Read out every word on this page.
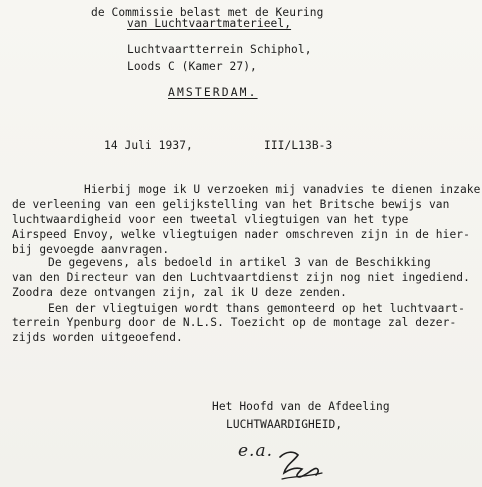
de Commissie belast met de Keuring
van Luchtvaartmaterieel,
Luchtvaartterrein Schiphol,
Loods C (Kamer 27),
AMSTERDAM.
14 Juli 1937,	III/L13B-3
Hierbij moge ik U verzoeken mij vanadvies te dienen inzake
de verleening van een gelijkstelling van het Britsche bewijs van
luchtwaardigheid voor een tweetal vliegtuigen van het type
Airspeed Envoy, welke vliegtuigen nader omschreven zijn in de hier-
bij gevoegde aanvragen.
De gegevens, als bedoeld in artikel 3 van de Beschikking
van den Directeur van den Luchtvaartdienst zijn nog niet ingediend.
Zoodra deze ontvangen zijn, zal ik U deze zenden.
Een der vliegtuigen wordt thans gemonteerd op het luchtvaart-
terrein Ypenburg door de N.L.S. Toezicht op de montage zal dezer-
zijds worden uitgeoefend.
Het Hoofd van de Afdeeling
LUCHTWAARDIGHEID,
e.a.
